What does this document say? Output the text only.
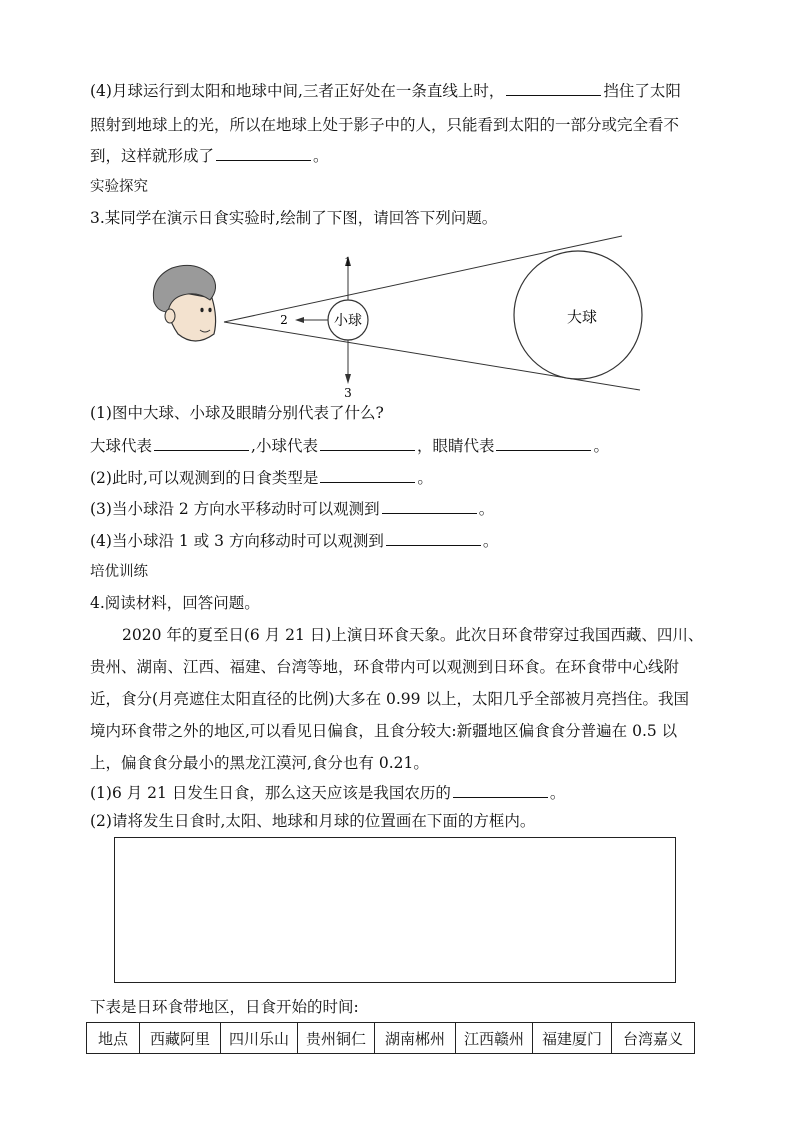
(4)月球运行到太阳和地球中间,三者正好处在一条直线上时，	挡住了太阳
照射到地球上的光，所以在地球上处于影子中的人，只能看到太阳的一部分或完全看不
到，这样就形成了	。
实验探究
3.某同学在演示日食实验时,绘制了下图，请回答下列问题。
小球	大球
1
2
3
(1)图中大球、小球及眼睛分别代表了什么?
大球代表	,小球代表	，眼睛代表	。
(2)此时,可以观测到的日食类型是	。
(3)当小球沿 2 方向水平移动时可以观测到	。
(4)当小球沿 1 或 3 方向移动时可以观测到	。
培优训练
4.阅读材料，回答问题。
2020 年的夏至日(6 月 21 日)上演日环食天象。此次日环食带穿过我国西藏、四川、
贵州、湖南、江西、福建、台湾等地，环食带内可以观测到日环食。在环食带中心线附
近，食分(月亮遮住太阳直径的比例)大多在 0.99 以上，太阳几乎全部被月亮挡住。我国
境内环食带之外的地区,可以看见日偏食，且食分较大:新疆地区偏食食分普遍在 0.5 以
上，偏食食分最小的黑龙江漠河,食分也有 0.21。
(1)6 月 21 日发生日食，那么这天应该是我国农历的	。
(2)请将发生日食时,太阳、地球和月球的位置画在下面的方框内。
下表是日环食带地区，日食开始的时间:
地点	西藏阿里	四川乐山	贵州铜仁	湖南郴州	江西赣州	福建厦门	台湾嘉义
